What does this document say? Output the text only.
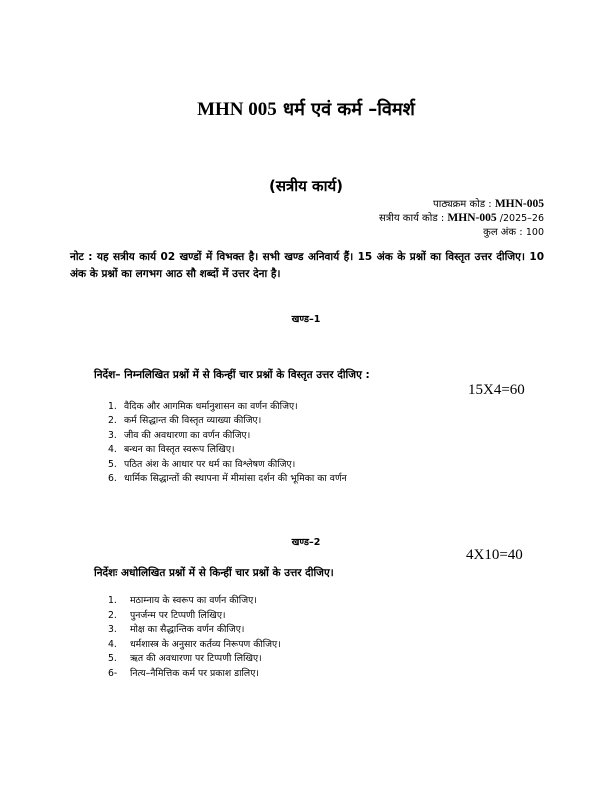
MHN 005 धर्म एवं कर्म –विमर्श
(सत्रीय कार्य)
पाठ्यक्रम कोड : MHN-005
सत्रीय कार्य कोड : MHN-005 /2025–26
कुल अंक : 100
नोट : यह सत्रीय कार्य 02 खण्डों में विभक्त है। सभी खण्ड अनिवार्य हैं। 15 अंक के प्रश्नों का विस्तृत उत्तर दीजिए। 10 अंक के प्रश्नों का लगभग आठ सौ शब्दों में उत्तर देना है।
खण्ड–1
निर्देश– निम्नलिखित प्रश्नों में से किन्हीं चार प्रश्नों के विस्तृत उत्तर दीजिए :
15X4=60
1. वैदिक और आगमिक धर्मानुशासन का वर्णन कीजिए।
2. कर्म सिद्धान्त की विस्तृत व्याख्या कीजिए।
3. जीव की अवधारणा का वर्णन कीजिए।
4. बन्धन का विस्तृत स्वरूप लिखिए।
5. पठित अंश के आधार पर धर्म का विश्लेषण कीजिए।
6. धार्मिक सिद्धान्तों की स्थापना में मीमांसा दर्शन की भूमिका का वर्णन
खण्ड–2
4X10=40
निर्देशः अधोलिखित प्रश्नों में से किन्हीं चार प्रश्नों के उत्तर दीजिए।
1. मठाम्नाय के स्वरूप का वर्णन कीजिए।
2. पुनर्जन्म पर टिप्पणी लिखिए।
3. मोक्ष का सैद्धान्तिक वर्णन कीजिए।
4. धर्मशास्त्र के अनुसार कर्तव्य निरूपण कीजिए।
5. ऋत की अवधारणा पर टिप्पणी लिखिए।
6- नित्य–नैमित्तिक कर्म पर प्रकाश डालिए।
